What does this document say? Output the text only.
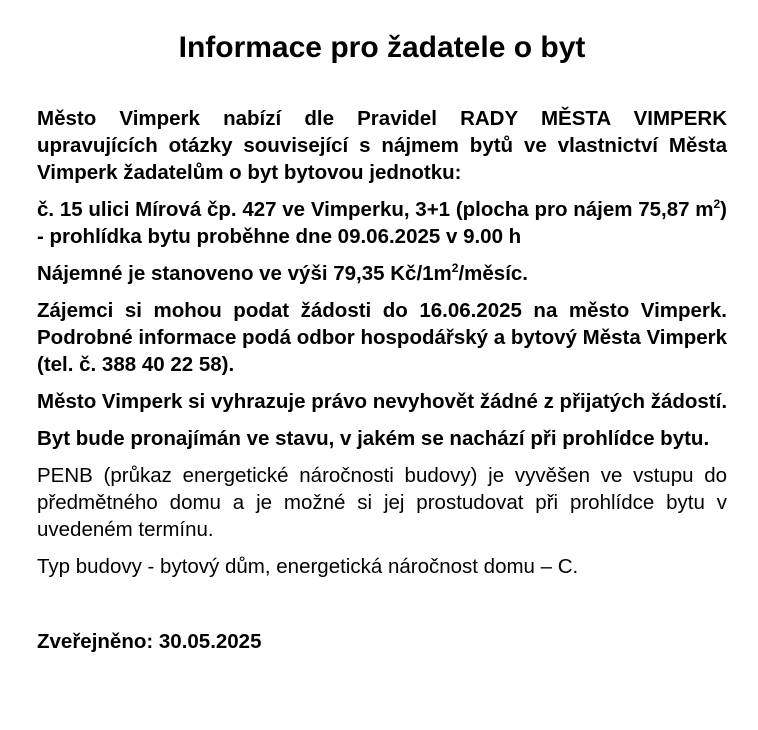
Informace pro žadatele o byt

Město Vimperk nabízí dle Pravidel RADY MĚSTA VIMPERK upravujících otázky související s nájmem bytů ve vlastnictví Města Vimperk žadatelům o byt bytovou jednotku:

č. 15 ulici Mírová čp. 427 ve Vimperku, 3+1 (plocha pro nájem 75,87 $m^2$) - prohlídka bytu proběhne dne 09.06.2025 v 9.00 h

Nájemné je stanoveno ve výši 79,35 $Kč/1m^2$/měsíc.

Zájemci si mohou podat žádosti do 16.06.2025 na město Vimperk. Podrobné informace podá odbor hospodářský a bytový Města Vimperk (tel. č. 388 40 22 58).

Město Vimperk si vyhrazuje právo nevyhovět žádné z přijatých žádostí.

Byt bude pronajímán ve stavu, v jakém se nachází při prohlídce bytu.

PENB (průkaz energetické náročnosti budovy) je vyvěšen ve vstupu do předmětného domu a je možné si jej prostudovat při prohlídce bytu v uvedeném termínu.

Typ budovy - bytový dům, energetická náročnost domu – C.

Zveřejněno: 30.05.2025
